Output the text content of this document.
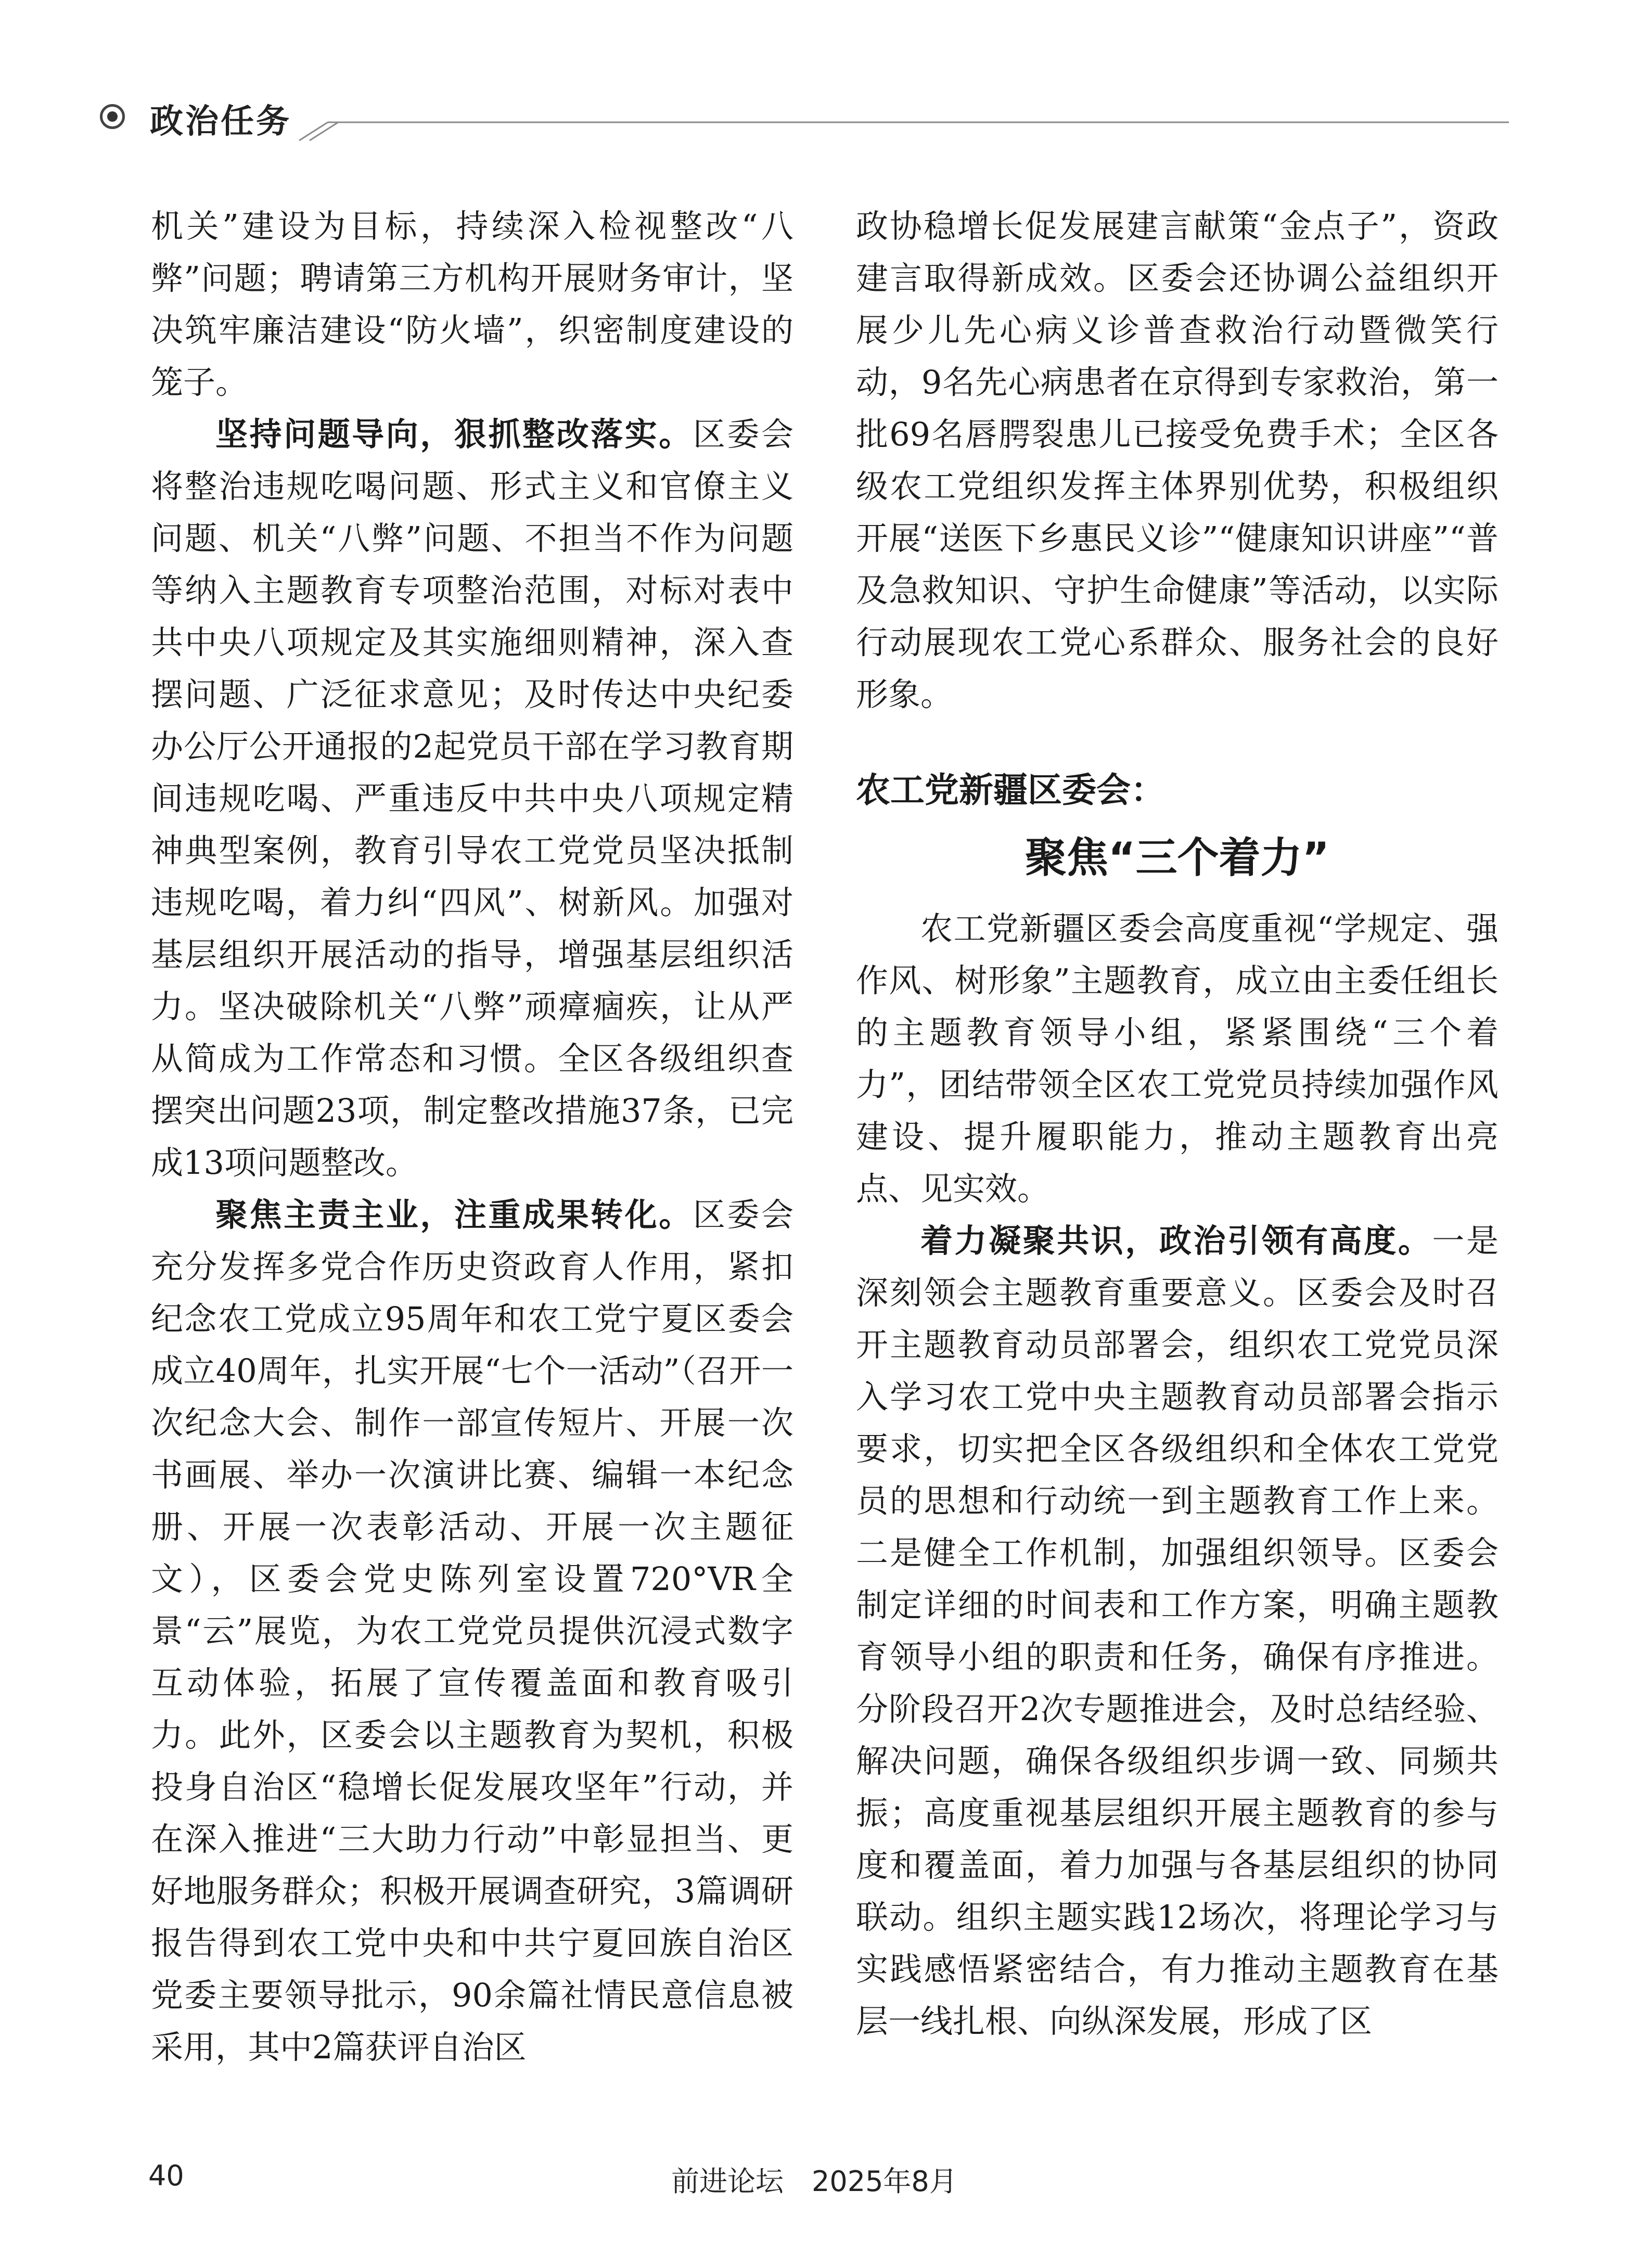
政治任务

机关”建设为目标，持续深入检视整改“八弊”问题；聘请第三方机构开展财务审计，坚决筑牢廉洁建设“防火墙”，织密制度建设的笼子。

坚持问题导向，狠抓整改落实。区委会将整治违规吃喝问题、形式主义和官僚主义问题、机关“八弊”问题、不担当不作为问题等纳入主题教育专项整治范围，对标对表中共中央八项规定及其实施细则精神，深入查摆问题、广泛征求意见；及时传达中央纪委办公厅公开通报的2起党员干部在学习教育期间违规吃喝、严重违反中共中央八项规定精神典型案例，教育引导农工党党员坚决抵制违规吃喝，着力纠“四风”、树新风。加强对基层组织开展活动的指导，增强基层组织活力。坚决破除机关“八弊”顽瘴痼疾，让从严从简成为工作常态和习惯。全区各级组织查摆突出问题23项，制定整改措施37条，已完成13项问题整改。

聚焦主责主业，注重成果转化。区委会充分发挥多党合作历史资政育人作用，紧扣纪念农工党成立95周年和农工党宁夏区委会成立40周年，扎实开展“七个一活动”（召开一次纪念大会、制作一部宣传短片、开展一次书画展、举办一次演讲比赛、编辑一本纪念册、开展一次表彰活动、开展一次主题征文），区委会党史陈列室设置720°VR全景“云”展览，为农工党党员提供沉浸式数字互动体验，拓展了宣传覆盖面和教育吸引力。此外，区委会以主题教育为契机，积极投身自治区“稳增长促发展攻坚年”行动，并在深入推进“三大助力行动”中彰显担当、更好地服务群众；积极开展调查研究，3篇调研报告得到农工党中央和中共宁夏回族自治区党委主要领导批示，90余篇社情民意信息被采用，其中2篇获评自治区

政协稳增长促发展建言献策“金点子”，资政建言取得新成效。区委会还协调公益组织开展少儿先心病义诊普查救治行动暨微笑行动，9名先心病患者在京得到专家救治，第一批69名唇腭裂患儿已接受免费手术；全区各级农工党组织发挥主体界别优势，积极组织开展“送医下乡惠民义诊”“健康知识讲座”“普及急救知识、守护生命健康”等活动，以实际行动展现农工党心系群众、服务社会的良好形象。

农工党新疆区委会：
聚焦“三个着力”

农工党新疆区委会高度重视“学规定、强作风、树形象”主题教育，成立由主委任组长的主题教育领导小组，紧紧围绕“三个着力”，团结带领全区农工党党员持续加强作风建设、提升履职能力，推动主题教育出亮点、见实效。

着力凝聚共识，政治引领有高度。一是深刻领会主题教育重要意义。区委会及时召开主题教育动员部署会，组织农工党党员深入学习农工党中央主题教育动员部署会指示要求，切实把全区各级组织和全体农工党党员的思想和行动统一到主题教育工作上来。二是健全工作机制，加强组织领导。区委会制定详细的时间表和工作方案，明确主题教育领导小组的职责和任务，确保有序推进。分阶段召开2次专题推进会，及时总结经验、解决问题，确保各级组织步调一致、同频共振；高度重视基层组织开展主题教育的参与度和覆盖面，着力加强与各基层组织的协同联动。组织主题实践12场次，将理论学习与实践感悟紧密结合，有力推动主题教育在基层一线扎根、向纵深发展，形成了区

40	前进论坛 2025年8月
